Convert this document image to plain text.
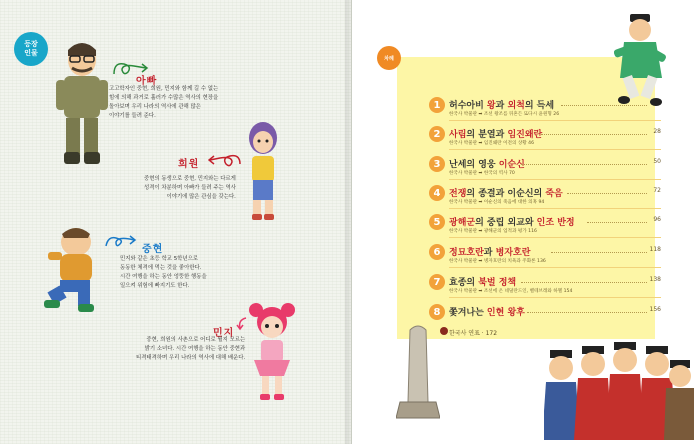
등장
인물
아빠
고고학자인 중현, 희원, 민지와 함께 길 수 없는
힘에 의해 과거로 흘러가 수많은 역사의 현장을
돌아보며 우리 나라의 역사에 관해 많은
이야기를 들려 준다.
희원
중현의 동생으로 중현, 민지와는 다르게
성격이 차분하며 아빠가 들려 주는 역사
이야기에 많은 관심을 갖는다.
중현
민지와 같은 초등 학교 5학년으로
동동한 체격에 먹는 것을 좋아한다.
시간 여행을 하는 동안 엉뚱한 행동을
일으켜 위험에 빠지기도 한다.
민지
중현, 희원의 사촌으로 어디로 튈지 모르는
밝기 소녀다. 시간 여행을 하는 동안 중현과
티격태격하며 우리 나라의 역사에 대해 배운다.
차례
1 허수아비 왕과 외척의 득세
한국사 박물관 ➡ 조선 왕조를 뒤흔든 또다시 윤원형 26
2 사림의 분열과 임진왜란	28
한국사 박물관 ➡ 임진왜란 이전의 상황 46
3 난세의 영웅 이순신	50
한국사 박물관 ➡ 한국의 역사 70
4 전쟁의 종결과 이순신의 죽음	72
한국사 박물관 ➡ 이순신의 죽음에 대한 의혹 94
5 광해군의 중립 외교와 인조 반정	96
한국사 박물관 ➡ 광해군의 업적과 평가 116
6 정묘호란과 병자호란	118
한국사 박물관 ➡ 병자호란의 치욕과 주화론 136
7 효종의 북벌 정책	138
한국사 박물관 ➡ 조선에 온 네덜란드인, 벨테브레와 하멜 154
8 쫓겨나는 인현 왕후	156
한국사 연표 · 172
